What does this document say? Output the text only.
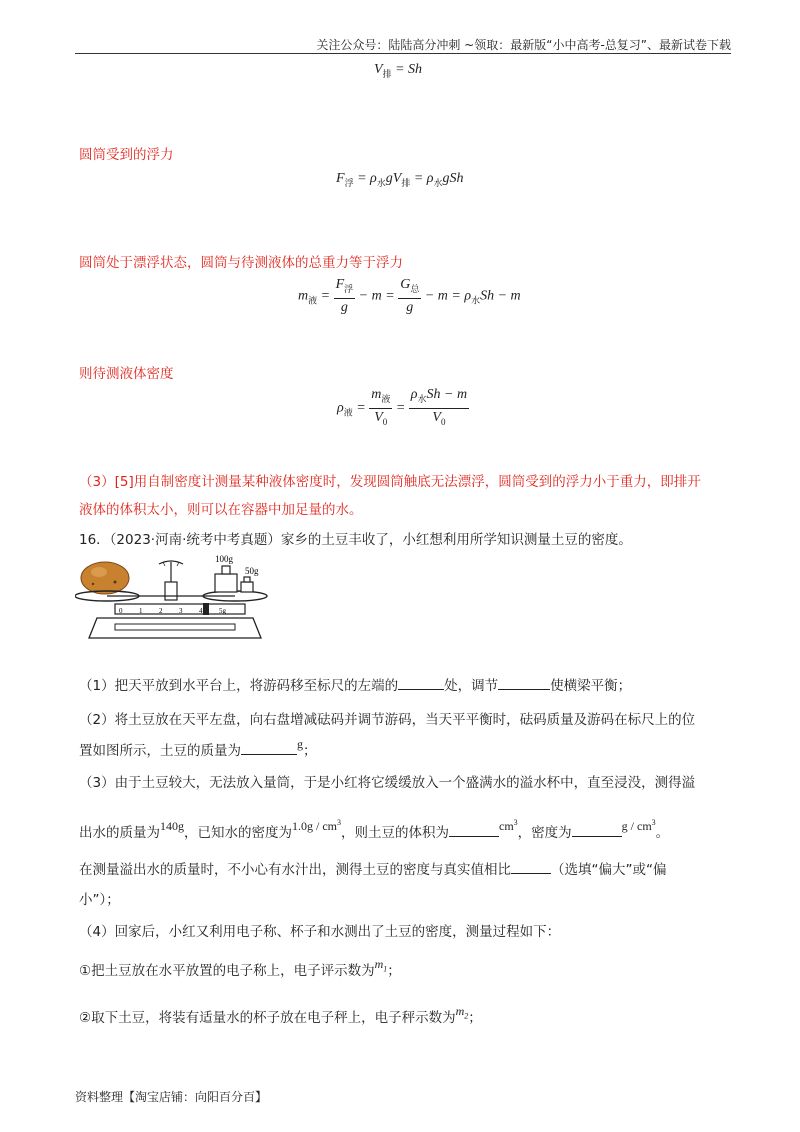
关注公众号：陆陆高分冲刺 ~领取：最新版“小中高考-总复习”、最新试卷下载
$V_排 = Sh$
圆筒受到的浮力
$F_浮 = \rho_水gV_排 = \rho_水gSh$
圆筒处于漂浮状态，圆筒与待测液体的总重力等于浮力
$m_液 = \frac{F_浮}{g} - m = \frac{G_总}{g} - m = \rho_水Sh - m$
则待测液体密度
$\rho_液 = \frac{m_液}{V_0} = \frac{\rho_水Sh - m}{V_0}$
（3）[5]用自制密度计测量某种液体密度时，发现圆筒触底无法漂浮，圆筒受到的浮力小于重力，即排开
液体的体积太小，则可以在容器中加足量的水。
16．（2023·河南·统考中考真题）家乡的土豆丰收了，小红想利用所学知识测量土豆的密度。
100g
50g
0 1 2 3 4 5g
（1）把天平放到水平台上，将游码移至标尺的左端的	处，调节	使横梁平衡；
（2）将土豆放在天平左盘，向右盘增减砝码并调节游码，当天平平衡时，砝码质量及游码在标尺上的位
置如图所示，土豆的质量为	g；
（3）由于土豆较大，无法放入量筒，于是小红将它缓缓放入一个盛满水的溢水杯中，直至浸没，测得溢
出水的质量为140g，已知水的密度为$1.0g / cm^3$，则土豆的体积为	$cm^3$，密度为	g / $cm^3$。
在测量溢出水的质量时，不小心有水汁出，测得土豆的密度与真实值相比	（选填“偏大”或“偏
小”）；
（4）回家后，小红又利用电子称、杯子和水测出了土豆的密度，测量过程如下：
①把土豆放在水平放置的电子称上，电子评示数为$m_1$；
②取下土豆，将装有适量水的杯子放在电子秤上，电子秤示数为$m_2$；
资料整理【淘宝店铺：向阳百分百】
